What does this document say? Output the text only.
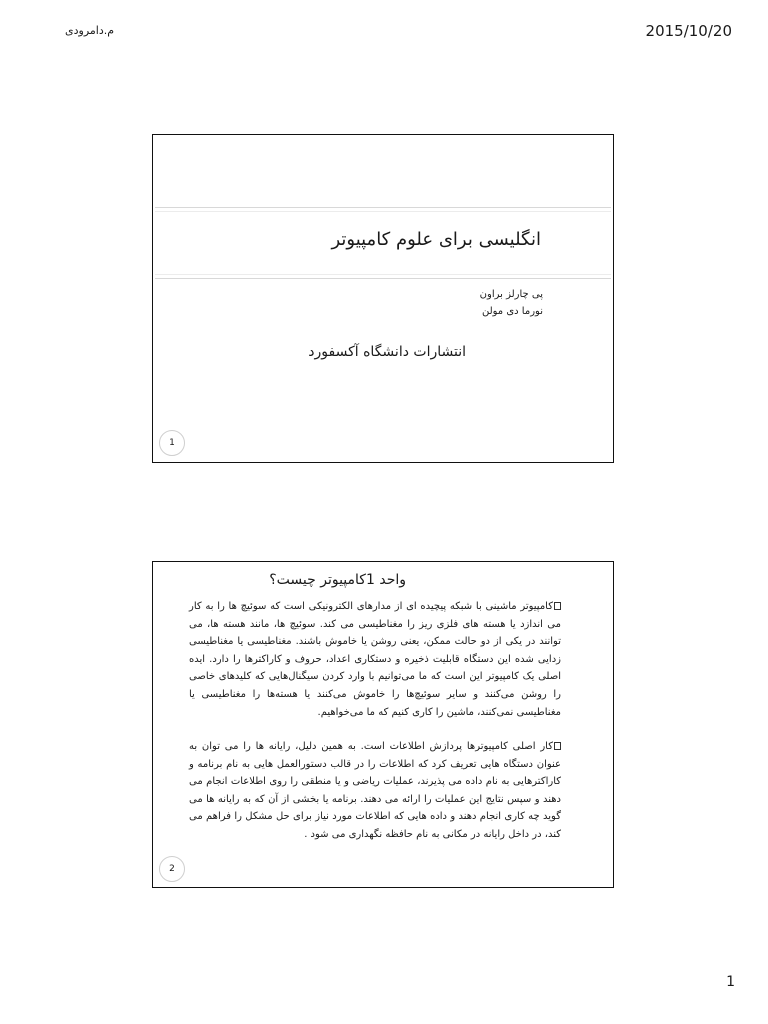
م.دامرودی	2015/10/20
انگلیسی برای علوم کامپیوتر
پی چارلز براون
نورما دی مولن
انتشارات دانشگاه آکسفورد
1
واحد 1کامپیوتر چیست؟

کامپیوتر ماشینی با شبکه پیچیده ای از مدارهای الکترونیکی است که سوئیچ ها را به کار می اندازد یا هسته های فلزی ریز را مغناطیسی می کند. سوئیچ ها، مانند هسته ها، می توانند در یکی از دو حالت ممکن، یعنی روشن یا خاموش باشند. مغناطیسی یا مغناطیسی زدایی شده این دستگاه قابلیت ذخیره و دستکاری اعداد، حروف و کاراکترها را دارد. ایده اصلی یک کامپیوتر این است که ما می‌توانیم با وارد کردن سیگنال‌هایی که کلیدهای خاصی را روشن می‌کنند و سایر سوئیچ‌ها را خاموش می‌کنند یا هسته‌ها را مغناطیسی یا مغناطیسی نمی‌کنند، ماشین را کاری کنیم که ما می‌خواهیم.

کار اصلی کامپیوترها پردازش اطلاعات است. به همین دلیل، رایانه ها را می توان به عنوان دستگاه هایی تعریف کرد که اطلاعات را در قالب دستورالعمل هایی به نام برنامه و کاراکترهایی به نام داده می پذیرند، عملیات ریاضی و یا منطقی را روی اطلاعات انجام می دهند و سپس نتایج این عملیات را ارائه می دهند. برنامه یا بخشی از آن که به رایانه ها می گوید چه کاری انجام دهند و داده هایی که اطلاعات مورد نیاز برای حل مشکل را فراهم می کند، در داخل رایانه در مکانی به نام حافظه نگهداری می شود .

2
1
